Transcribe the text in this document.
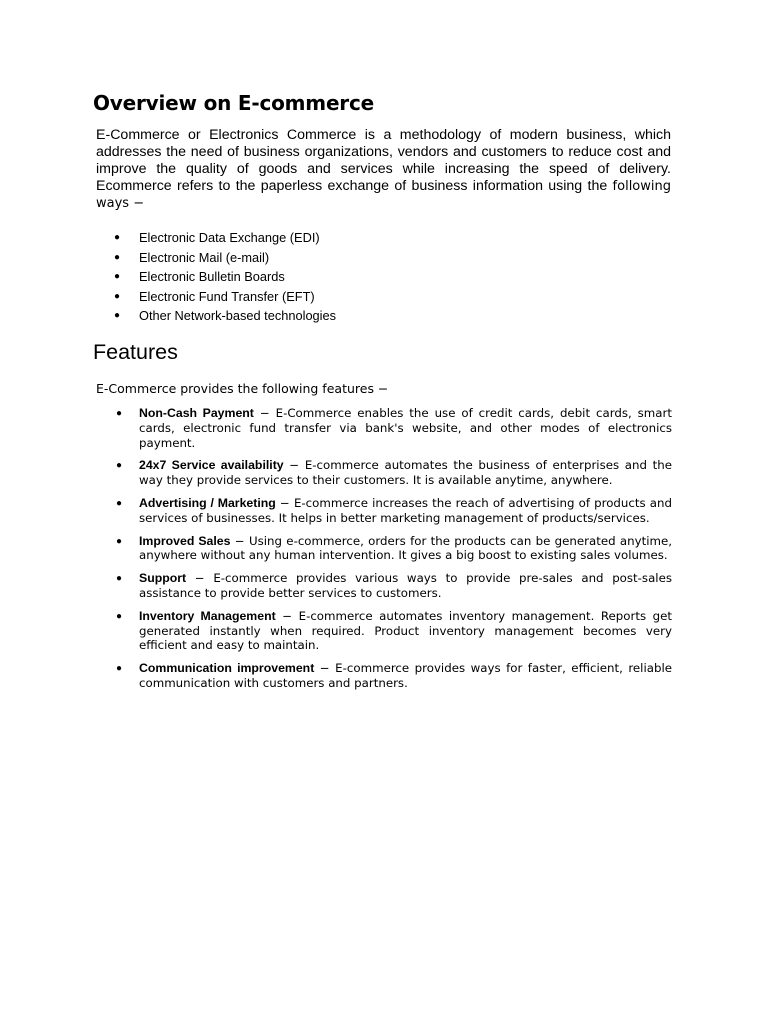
Overview on E-commerce

E-Commerce or Electronics Commerce is a methodology of modern business, which addresses the need of business organizations, vendors and customers to reduce cost and improve the quality of goods and services while increasing the speed of delivery. Ecommerce refers to the paperless exchange of business information using the following ways −

● Electronic Data Exchange (EDI)
● Electronic Mail (e-mail)
● Electronic Bulletin Boards
● Electronic Fund Transfer (EFT)
● Other Network-based technologies
Features

E-Commerce provides the following features −

● Non-Cash Payment − E-Commerce enables the use of credit cards, debit cards, smart cards, electronic fund transfer via bank's website, and other modes of electronics payment.
● 24x7 Service availability − E-commerce automates the business of enterprises and the way they provide services to their customers. It is available anytime, anywhere.
● Advertising / Marketing − E-commerce increases the reach of advertising of products and services of businesses. It helps in better marketing management of products/services.
● Improved Sales − Using e-commerce, orders for the products can be generated anytime, anywhere without any human intervention. It gives a big boost to existing sales volumes.
● Support − E-commerce provides various ways to provide pre-sales and post-sales assistance to provide better services to customers.
● Inventory Management − E-commerce automates inventory management. Reports get generated instantly when required. Product inventory management becomes very efficient and easy to maintain.
● Communication improvement − E-commerce provides ways for faster, efficient, reliable communication with customers and partners.
